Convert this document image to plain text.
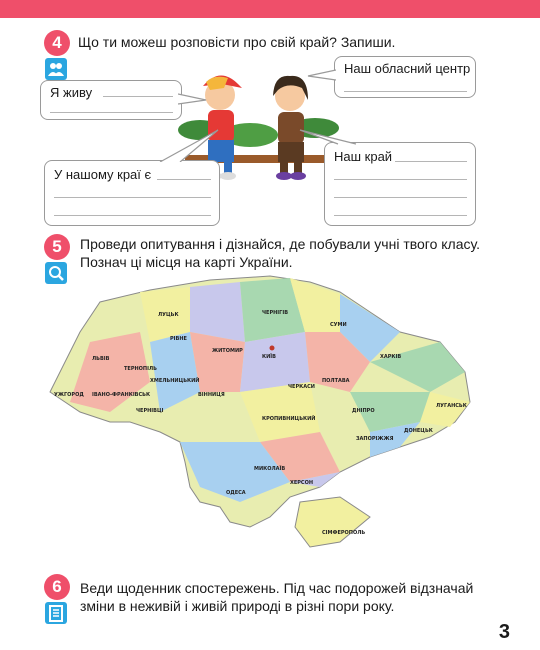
4	Що ти можеш розповісти про свій край? Запиши.
Я живу
Наш обласний центр
У нашому краї є
Наш край
5	Проведи опитування і дізнайся, де побували учні твого класу.
Познач ці місця на карті України.
ЧЕРНІГІВ
СУМИ
ХАРКІВ
ЛУЦЬК
РІВНЕ
ЖИТОМИР
КИЇВ
ЛЬВІВ
ТЕРНОПІЛЬ
ХМЕЛЬНИЦЬКИЙ
УЖГОРОД ІВАНО-ФРАНКІВСЬК
ЧЕРНІВЦІ
ВІННИЦЯ
ЧЕРКАСИ
ПОЛТАВА
ЛУГАНСЬК
ДНІПРО
КРОПИВНИЦЬКИЙ
ЗАПОРІЖЖЯ
ДОНЕЦЬК
МИКОЛАЇВ
ХЕРСОН
ОДЕСА
СІМФЕРОПОЛЬ
6	Веди щоденник спостережень. Під час подорожей відзначай
зміни в неживій і живій природі в різні пори року.
3
